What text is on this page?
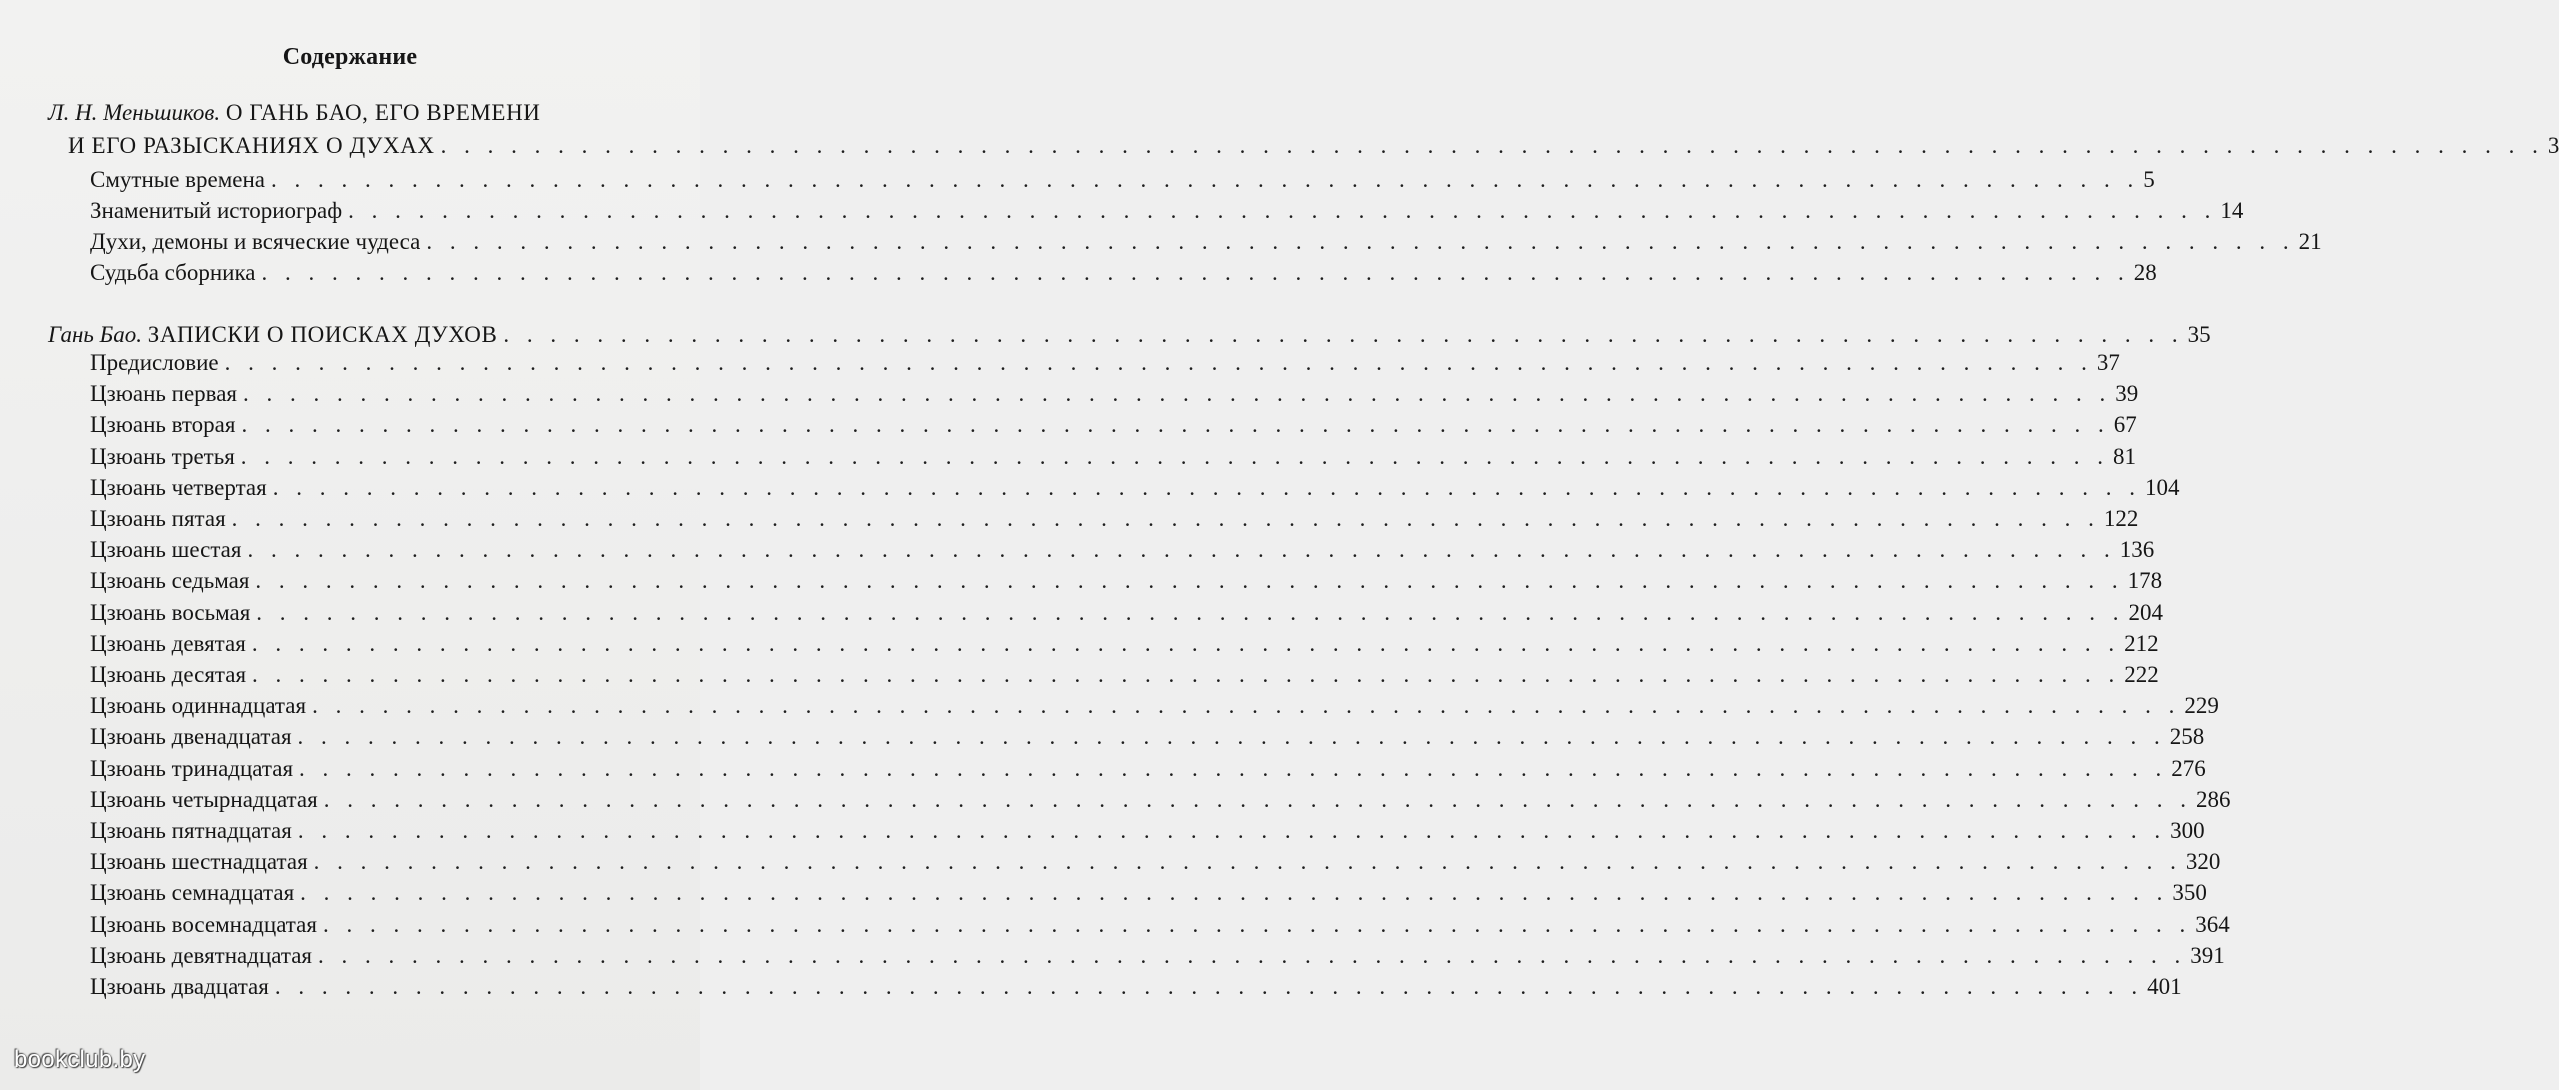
Содержание
Л. Н. Меньшиков. О ГАНЬ БАО, ЕГО ВРЕМЕНИ
И ЕГО РАЗЫСКАНИЯХ О ДУХАХ . . . . . . . . . . . . . . . . . . . . . . . . . . . . . . . . . . . . . . . . . . . . . . . . . . . . . . . . . . . . . . . . . . . . . . . . . . . . . . . . . . . . . . . . . . 3
Смутные времена . . . . . . . . . . . . . . . . . . . . . . . . . . . . . . . . . . . . . . . . . . . . . . . . . . . . . . . . . . . . . . . . . . . . . . . . . . . . . . . . 5
Знаменитый историограф . . . . . . . . . . . . . . . . . . . . . . . . . . . . . . . . . . . . . . . . . . . . . . . . . . . . . . . . . . . . . . . . . . . . . . . . . . . . . . . . 14
Духи, демоны и всяческие чудеса . . . . . . . . . . . . . . . . . . . . . . . . . . . . . . . . . . . . . . . . . . . . . . . . . . . . . . . . . . . . . . . . . . . . . . . . . . . . . . . . 21
Судьба сборника . . . . . . . . . . . . . . . . . . . . . . . . . . . . . . . . . . . . . . . . . . . . . . . . . . . . . . . . . . . . . . . . . . . . . . . . . . . . . . . . 28
Гань Бао. ЗАПИСКИ О ПОИСКАХ ДУХОВ . . . . . . . . . . . . . . . . . . . . . . . . . . . . . . . . . . . . . . . . . . . . . . . . . . . . . . . . . . . . . . . . . . . . . . . . 35
Предисловие . . . . . . . . . . . . . . . . . . . . . . . . . . . . . . . . . . . . . . . . . . . . . . . . . . . . . . . . . . . . . . . . . . . . . . . . . . . . . . . . 37
Цзюань первая . . . . . . . . . . . . . . . . . . . . . . . . . . . . . . . . . . . . . . . . . . . . . . . . . . . . . . . . . . . . . . . . . . . . . . . . . . . . . . . . 39
Цзюань вторая . . . . . . . . . . . . . . . . . . . . . . . . . . . . . . . . . . . . . . . . . . . . . . . . . . . . . . . . . . . . . . . . . . . . . . . . . . . . . . . . 67
Цзюань третья . . . . . . . . . . . . . . . . . . . . . . . . . . . . . . . . . . . . . . . . . . . . . . . . . . . . . . . . . . . . . . . . . . . . . . . . . . . . . . . . 81
Цзюань четвертая . . . . . . . . . . . . . . . . . . . . . . . . . . . . . . . . . . . . . . . . . . . . . . . . . . . . . . . . . . . . . . . . . . . . . . . . . . . . . . . . 104
Цзюань пятая . . . . . . . . . . . . . . . . . . . . . . . . . . . . . . . . . . . . . . . . . . . . . . . . . . . . . . . . . . . . . . . . . . . . . . . . . . . . . . . . 122
Цзюань шестая . . . . . . . . . . . . . . . . . . . . . . . . . . . . . . . . . . . . . . . . . . . . . . . . . . . . . . . . . . . . . . . . . . . . . . . . . . . . . . . . 136
Цзюань седьмая . . . . . . . . . . . . . . . . . . . . . . . . . . . . . . . . . . . . . . . . . . . . . . . . . . . . . . . . . . . . . . . . . . . . . . . . . . . . . . . . 178
Цзюань восьмая . . . . . . . . . . . . . . . . . . . . . . . . . . . . . . . . . . . . . . . . . . . . . . . . . . . . . . . . . . . . . . . . . . . . . . . . . . . . . . . . 204
Цзюань девятая . . . . . . . . . . . . . . . . . . . . . . . . . . . . . . . . . . . . . . . . . . . . . . . . . . . . . . . . . . . . . . . . . . . . . . . . . . . . . . . . 212
Цзюань десятая . . . . . . . . . . . . . . . . . . . . . . . . . . . . . . . . . . . . . . . . . . . . . . . . . . . . . . . . . . . . . . . . . . . . . . . . . . . . . . . . 222
Цзюань одиннадцатая . . . . . . . . . . . . . . . . . . . . . . . . . . . . . . . . . . . . . . . . . . . . . . . . . . . . . . . . . . . . . . . . . . . . . . . . . . . . . . . . 229
Цзюань двенадцатая . . . . . . . . . . . . . . . . . . . . . . . . . . . . . . . . . . . . . . . . . . . . . . . . . . . . . . . . . . . . . . . . . . . . . . . . . . . . . . . . 258
Цзюань тринадцатая . . . . . . . . . . . . . . . . . . . . . . . . . . . . . . . . . . . . . . . . . . . . . . . . . . . . . . . . . . . . . . . . . . . . . . . . . . . . . . . . 276
Цзюань четырнадцатая . . . . . . . . . . . . . . . . . . . . . . . . . . . . . . . . . . . . . . . . . . . . . . . . . . . . . . . . . . . . . . . . . . . . . . . . . . . . . . . . 286
Цзюань пятнадцатая . . . . . . . . . . . . . . . . . . . . . . . . . . . . . . . . . . . . . . . . . . . . . . . . . . . . . . . . . . . . . . . . . . . . . . . . . . . . . . . . 300
Цзюань шестнадцатая . . . . . . . . . . . . . . . . . . . . . . . . . . . . . . . . . . . . . . . . . . . . . . . . . . . . . . . . . . . . . . . . . . . . . . . . . . . . . . . . 320
Цзюань семнадцатая . . . . . . . . . . . . . . . . . . . . . . . . . . . . . . . . . . . . . . . . . . . . . . . . . . . . . . . . . . . . . . . . . . . . . . . . . . . . . . . . 350
Цзюань восемнадцатая . . . . . . . . . . . . . . . . . . . . . . . . . . . . . . . . . . . . . . . . . . . . . . . . . . . . . . . . . . . . . . . . . . . . . . . . . . . . . . . . 364
Цзюань девятнадцатая . . . . . . . . . . . . . . . . . . . . . . . . . . . . . . . . . . . . . . . . . . . . . . . . . . . . . . . . . . . . . . . . . . . . . . . . . . . . . . . . 391
Цзюань двадцатая . . . . . . . . . . . . . . . . . . . . . . . . . . . . . . . . . . . . . . . . . . . . . . . . . . . . . . . . . . . . . . . . . . . . . . . . . . . . . . . . 401
bookclub.by
